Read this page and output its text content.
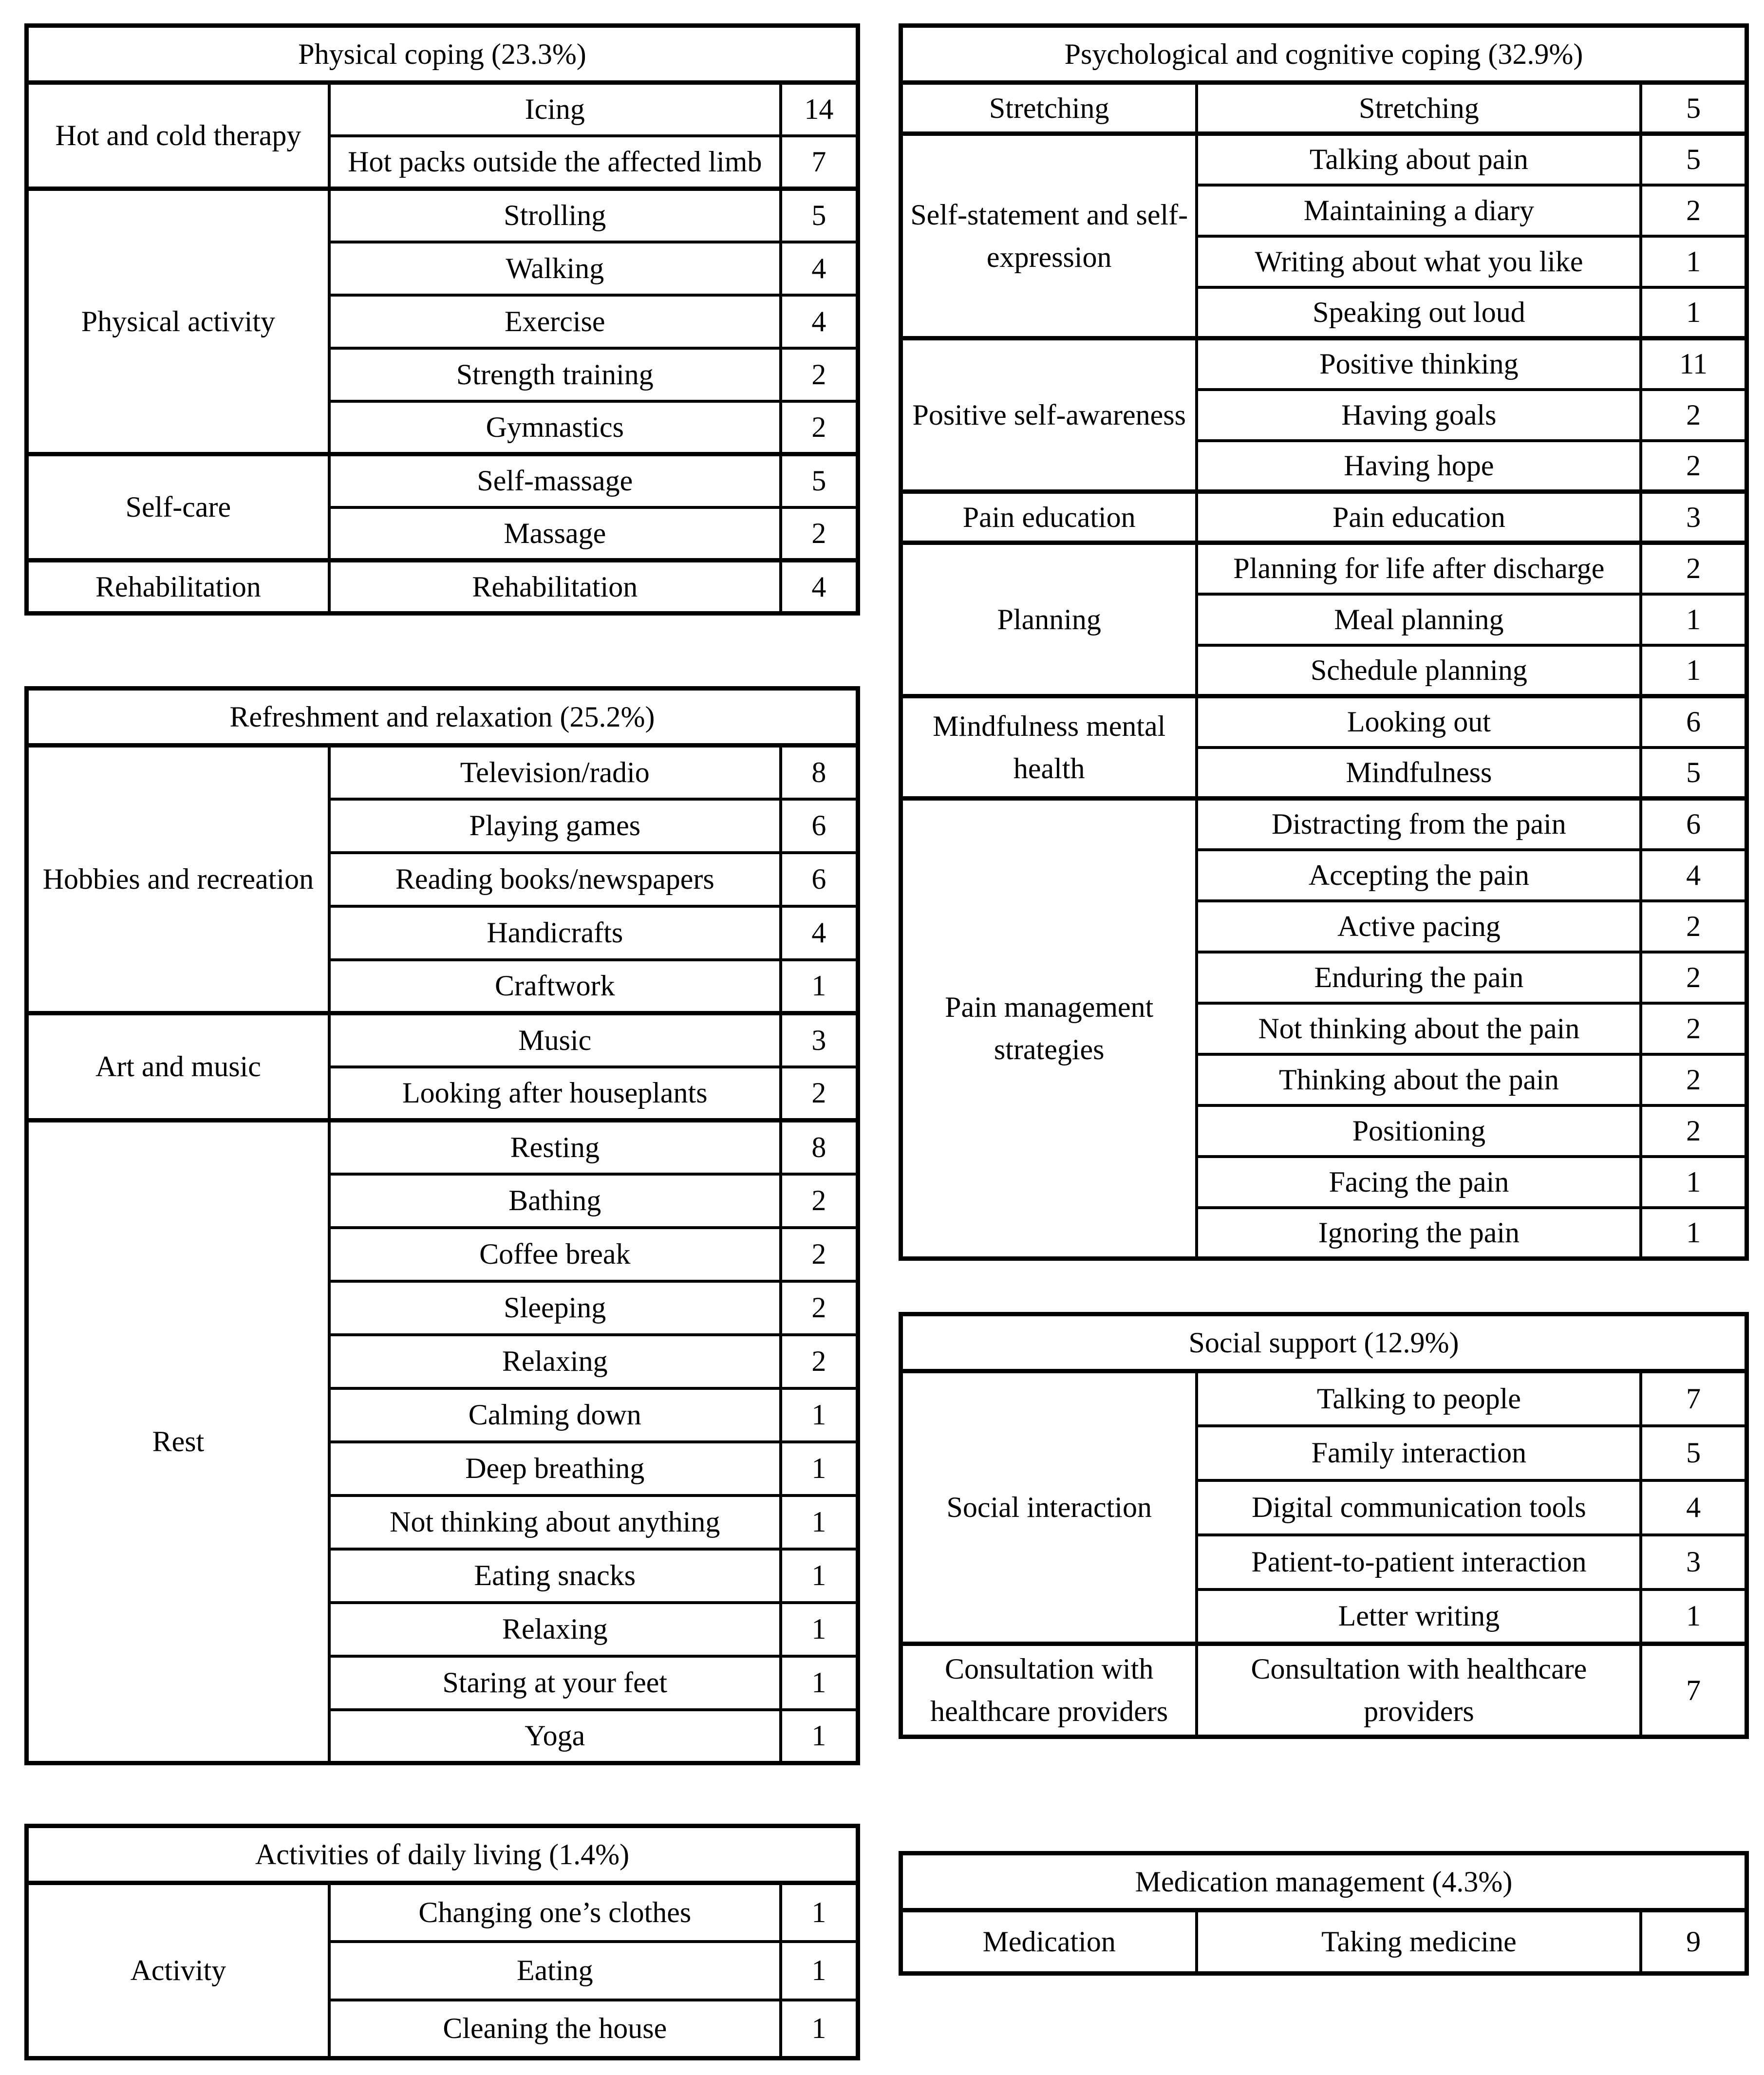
Physical coping (23.3%)		
Hot and cold therapy	Icing	14
	Hot packs outside the affected limb	7
Physical activity	Strolling	5
	Walking	4
	Exercise	4
	Strength training	2
	Gymnastics	2
Self-care	Self-massage	5
	Massage	2
Rehabilitation	Rehabilitation	4
Refreshment and relaxation (25.2%)		
Hobbies and recreation	Television/radio	8
	Playing games	6
	Reading books/newspapers	6
	Handicrafts	4
	Craftwork	1
Art and music	Music	3
	Looking after houseplants	2
Rest	Resting	8
	Bathing	2
	Coffee break	2
	Sleeping	2
	Relaxing	2
	Calming down	1
	Deep breathing	1
	Not thinking about anything	1
	Eating snacks	1
	Relaxing	1
	Staring at your feet	1
	Yoga	1
Activities of daily living (1.4%)		
Activity	Changing one’s clothes	1
	Eating	1
	Cleaning the house	1
Psychological and cognitive coping (32.9%)		
Stretching	Stretching	5
Self-statement and self-expression	Talking about pain	5
	Maintaining a diary	2
	Writing about what you like	1
	Speaking out loud	1
Positive self-awareness	Positive thinking	11
	Having goals	2
	Having hope	2
Pain education	Pain education	3
Planning	Planning for life after discharge	2
	Meal planning	1
	Schedule planning	1
Mindfulness mental health	Looking out	6
	Mindfulness	5
Pain management strategies	Distracting from the pain	6
	Accepting the pain	4
	Active pacing	2
	Enduring the pain	2
	Not thinking about the pain	2
	Thinking about the pain	2
	Positioning	2
	Facing the pain	1
	Ignoring the pain	1
Social support (12.9%)		
Social interaction	Talking to people	7
	Family interaction	5
	Digital communication tools	4
	Patient-to-patient interaction	3
	Letter writing	1
Consultation with healthcare providers	Consultation with healthcare providers	7
Medication management (4.3%)
Medication	Taking medicine	9
